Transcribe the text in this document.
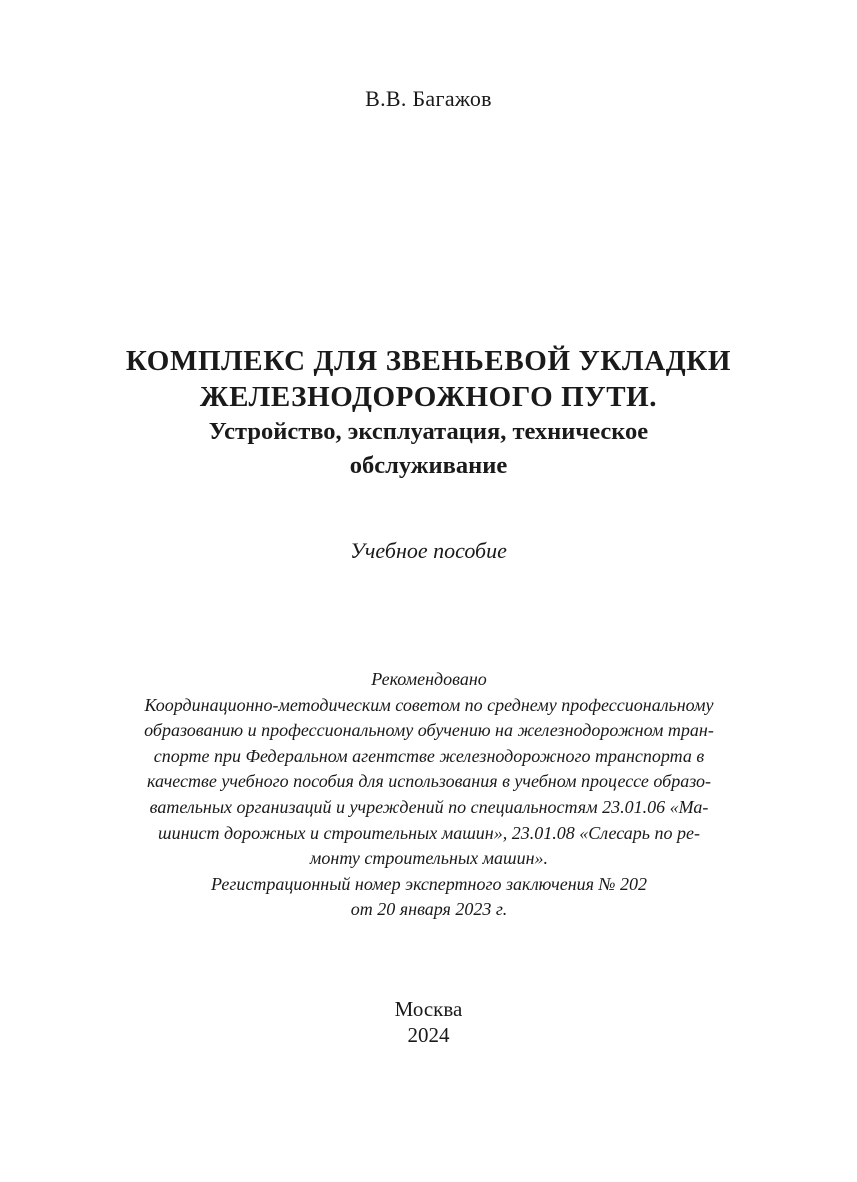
В.В. Багажов
КОМПЛЕКС ДЛЯ ЗВЕНЬЕВОЙ УКЛАДКИ
ЖЕЛЕЗНОДОРОЖНОГО ПУТИ.
Устройство, эксплуатация, техническое
обслуживание
Учебное пособие
Рекомендовано
Координационно-методическим советом по среднему профессиональному
образованию и профессиональному обучению на железнодорожном тран-
спорте при Федеральном агентстве железнодорожного транспорта в
качестве учебного пособия для использования в учебном процессе образо-
вательных организаций и учреждений по специальностям 23.01.06 «Ма-
шинист дорожных и строительных машин», 23.01.08 «Слесарь по ре-
монту строительных машин».
Регистрационный номер экспертного заключения № 202
от 20 января 2023 г.
Москва
2024
